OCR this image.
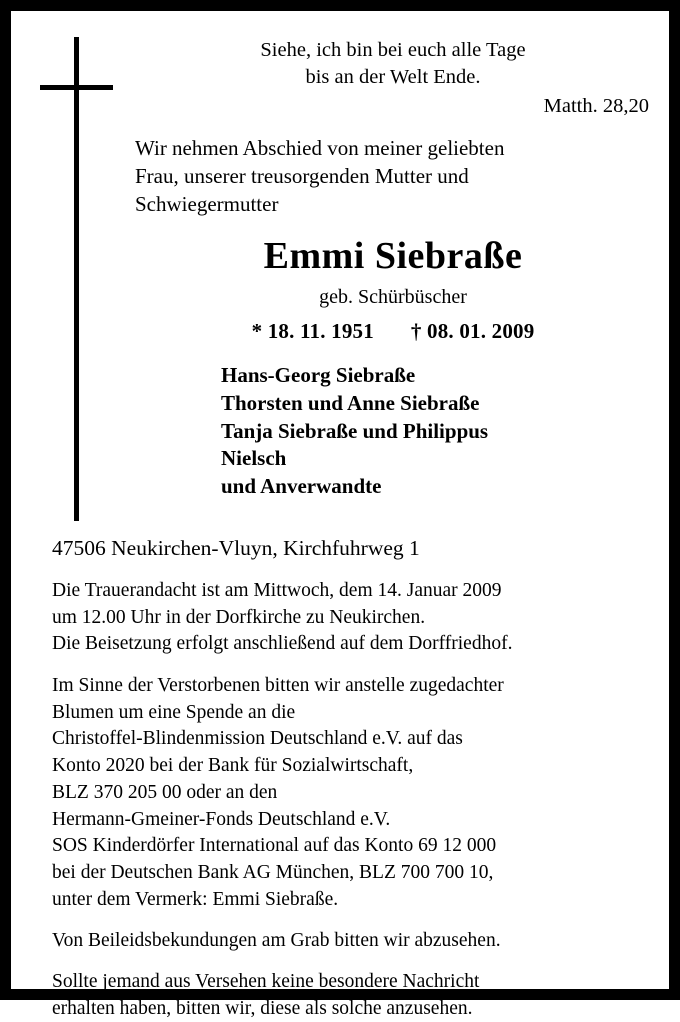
Siehe, ich bin bei euch alle Tage
bis an der Welt Ende.
Matth. 28,20
Wir nehmen Abschied von meiner geliebten
Frau, unserer treusorgenden Mutter und
Schwiegermutter
Emmi Siebraße
geb. Schürbüscher
* 18. 11. 1951 † 08. 01. 2009
Hans-Georg Siebraße
Thorsten und Anne Siebraße
Tanja Siebraße und Philippus
Nielsch
und Anverwandte
47506 Neukirchen-Vluyn, Kirchfuhrweg 1
Die Trauerandacht ist am Mittwoch, dem 14. Januar 2009
um 12.00 Uhr in der Dorfkirche zu Neukirchen.
Die Beisetzung erfolgt anschließend auf dem Dorffriedhof.
Im Sinne der Verstorbenen bitten wir anstelle zugedachter
Blumen um eine Spende an die
Christoffel-Blindenmission Deutschland e.V. auf das
Konto 2020 bei der Bank für Sozialwirtschaft,
BLZ 370 205 00 oder an den
Hermann-Gmeiner-Fonds Deutschland e.V.
SOS Kinderdörfer International auf das Konto 69 12 000
bei der Deutschen Bank AG München, BLZ 700 700 10,
unter dem Vermerk: Emmi Siebraße.
Von Beileidsbekundungen am Grab bitten wir abzusehen.
Sollte jemand aus Versehen keine besondere Nachricht
erhalten haben, bitten wir, diese als solche anzusehen.
